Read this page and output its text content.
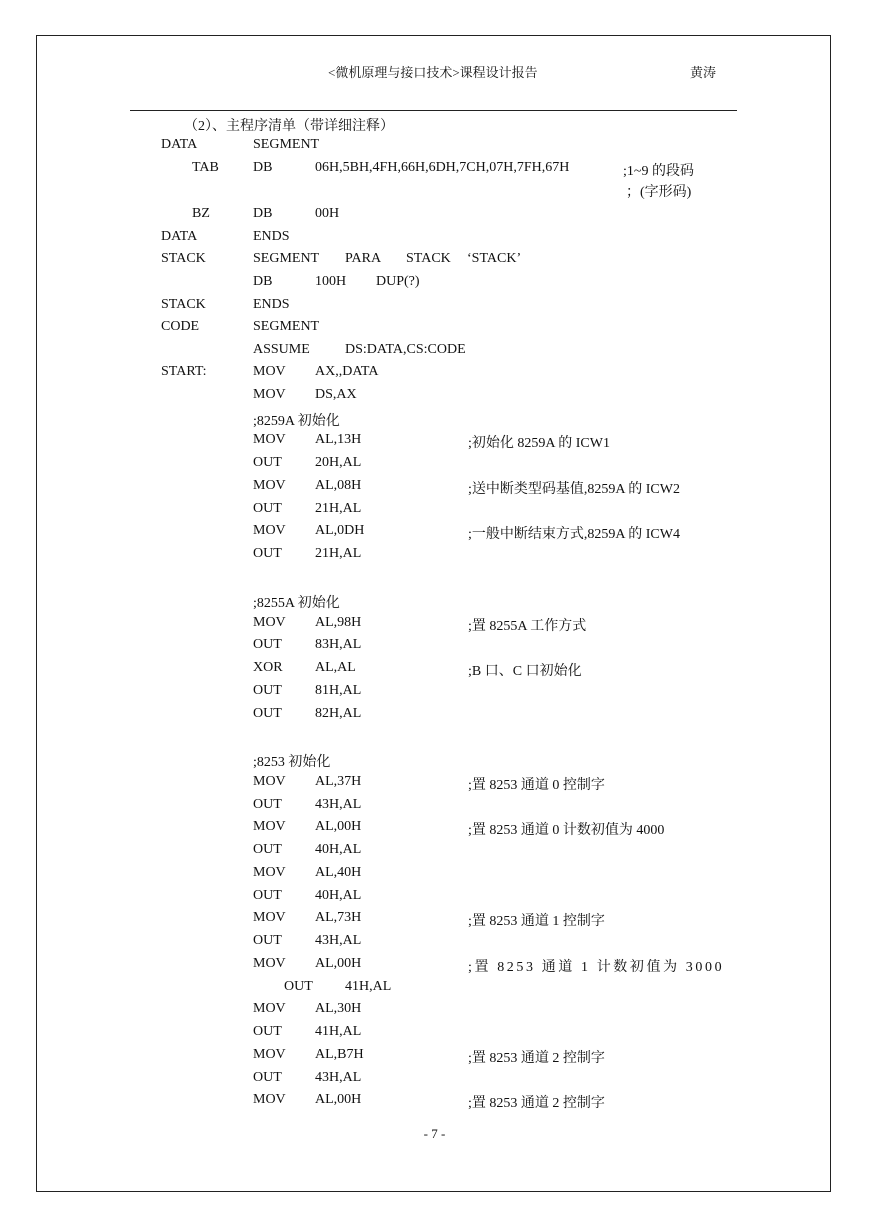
<微机原理与接口技术>课程设计报告	黄涛
（2）、主程序清单（带详细注释）
DATA	SEGMENT
TAB DB	06H,5BH,4FH,66H,6DH,7CH,07H,7FH,67H	;1~9 的段码
；(字形码)
BZ	DB	00H
DATA	ENDS
STACK	SEGMENT PARA STACK ‘STACK’
DB	100H DUP(?)
STACK	ENDS
CODE	SEGMENT
ASSUME	DS:DATA,CS:CODE
START:	MOV AX,,DATA
MOV DS,AX
;8259A 初始化
MOV AL,13H	;初始化 8259A 的 ICW1
OUT 20H,AL
MOV AL,08H	;送中断类型码基值,8259A 的 ICW2
OUT 21H,AL
MOV AL,0DH	;一般中断结束方式,8259A 的 ICW4
OUT 21H,AL
;8255A 初始化
MOV AL,98H	;置 8255A 工作方式
OUT 83H,AL
XOR AL,AL	;B 口、C 口初始化
OUT 81H,AL
OUT 82H,AL
;8253 初始化
MOV AL,37H	;置 8253 通道 0 控制字
OUT 43H,AL
MOV AL,00H	;置 8253 通道 0 计数初值为 4000
OUT 40H,AL
MOV AL,40H
OUT 40H,AL
MOV AL,73H	;置 8253 通道 1 控制字
OUT 43H,AL
MOV AL,00H	;置 8253 通道 1 计数初值为 3000
OUT 41H,AL
MOV AL,30H
OUT 41H,AL
MOV AL,B7H	;置 8253 通道 2 控制字
OUT 43H,AL
MOV AL,00H	;置 8253 通道 2 控制字
- 7 -
